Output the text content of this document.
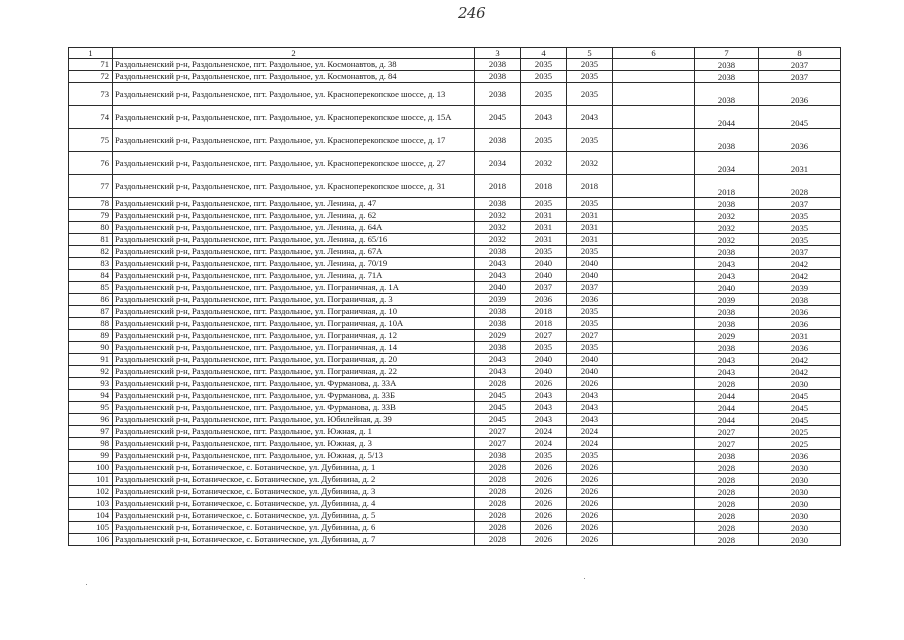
246
1	2	3	4	5	6	7	8
71	Раздольненский р-н, Раздольненское, пгт. Раздольное, ул. Космонавтов, д. 38	2038	2035	2035		2038	2037
72	Раздольненский р-н, Раздольненское, пгт. Раздольное, ул. Космонавтов, д. 84	2038	2035	2035		2038	2037
73	Раздольненский р-н, Раздольненское, пгт. Раздольное, ул. Красноперекопское шоссе, д. 13	2038	2035	2035		2038	2036
74	Раздольненский р-н, Раздольненское, пгт. Раздольное, ул. Красноперекопское шоссе, д. 15А	2045	2043	2043		2044	2045
75	Раздольненский р-н, Раздольненское, пгт. Раздольное, ул. Красноперекопское шоссе, д. 17	2038	2035	2035		2038	2036
76	Раздольненский р-н, Раздольненское, пгт. Раздольное, ул. Красноперекопское шоссе, д. 27	2034	2032	2032		2034	2031
77	Раздольненский р-н, Раздольненское, пгт. Раздольное, ул. Красноперекопское шоссе, д. 31	2018	2018	2018		2018	2028
78	Раздольненский р-н, Раздольненское, пгт. Раздольное, ул. Ленина, д. 47	2038	2035	2035		2038	2037
79	Раздольненский р-н, Раздольненское, пгт. Раздольное, ул. Ленина, д. 62	2032	2031	2031		2032	2035
80	Раздольненский р-н, Раздольненское, пгт. Раздольное, ул. Ленина, д. 64А	2032	2031	2031		2032	2035
81	Раздольненский р-н, Раздольненское, пгт. Раздольное, ул. Ленина, д. 65/16	2032	2031	2031		2032	2035
82	Раздольненский р-н, Раздольненское, пгт. Раздольное, ул. Ленина, д. 67А	2038	2035	2035		2038	2037
83	Раздольненский р-н, Раздольненское, пгт. Раздольное, ул. Ленина, д. 70/19	2043	2040	2040		2043	2042
84	Раздольненский р-н, Раздольненское, пгт. Раздольное, ул. Ленина, д. 71А	2043	2040	2040		2043	2042
85	Раздольненский р-н, Раздольненское, пгт. Раздольное, ул. Пограничная, д. 1А	2040	2037	2037		2040	2039
86	Раздольненский р-н, Раздольненское, пгт. Раздольное, ул. Пограничная, д. 3	2039	2036	2036		2039	2038
87	Раздольненский р-н, Раздольненское, пгт. Раздольное, ул. Пограничная, д. 10	2038	2018	2035		2038	2036
88	Раздольненский р-н, Раздольненское, пгт. Раздольное, ул. Пограничная, д. 10А	2038	2018	2035		2038	2036
89	Раздольненский р-н, Раздольненское, пгт. Раздольное, ул. Пограничная, д. 12	2029	2027	2027		2029	2031
90	Раздольненский р-н, Раздольненское, пгт. Раздольное, ул. Пограничная, д. 14	2038	2035	2035		2038	2036
91	Раздольненский р-н, Раздольненское, пгт. Раздольное, ул. Пограничная, д. 20	2043	2040	2040		2043	2042
92	Раздольненский р-н, Раздольненское, пгт. Раздольное, ул. Пограничная, д. 22	2043	2040	2040		2043	2042
93	Раздольненский р-н, Раздольненское, пгт. Раздольное, ул. Фурманова, д. 33А	2028	2026	2026		2028	2030
94	Раздольненский р-н, Раздольненское, пгт. Раздольное, ул. Фурманова, д. 33Б	2045	2043	2043		2044	2045
95	Раздольненский р-н, Раздольненское, пгт. Раздольное, ул. Фурманова, д. 33В	2045	2043	2043		2044	2045
96	Раздольненский р-н, Раздольненское, пгт. Раздольное, ул. Юбилейная, д. 39	2045	2043	2043		2044	2045
97	Раздольненский р-н, Раздольненское, пгт. Раздольное, ул. Южная, д. 1	2027	2024	2024		2027	2025
98	Раздольненский р-н, Раздольненское, пгт. Раздольное, ул. Южная, д. 3	2027	2024	2024		2027	2025
99	Раздольненский р-н, Раздольненское, пгт. Раздольное, ул. Южная, д. 5/13	2038	2035	2035		2038	2036
100	Раздольненский р-н, Ботаническое, с. Ботаническое, ул. Дубинина, д. 1	2028	2026	2026		2028	2030
101	Раздольненский р-н, Ботаническое, с. Ботаническое, ул. Дубинина, д. 2	2028	2026	2026		2028	2030
102	Раздольненский р-н, Ботаническое, с. Ботаническое, ул. Дубинина, д. 3	2028	2026	2026		2028	2030
103	Раздольненский р-н, Ботаническое, с. Ботаническое, ул. Дубинина, д. 4	2028	2026	2026		2028	2030
104	Раздольненский р-н, Ботаническое, с. Ботаническое, ул. Дубинина, д. 5	2028	2026	2026		2028	2030
105	Раздольненский р-н, Ботаническое, с. Ботаническое, ул. Дубинина, д. 6	2028	2026	2026		2028	2030
106	Раздольненский р-н, Ботаническое, с. Ботаническое, ул. Дубинина, д. 7	2028	2026	2026		2028	2030
